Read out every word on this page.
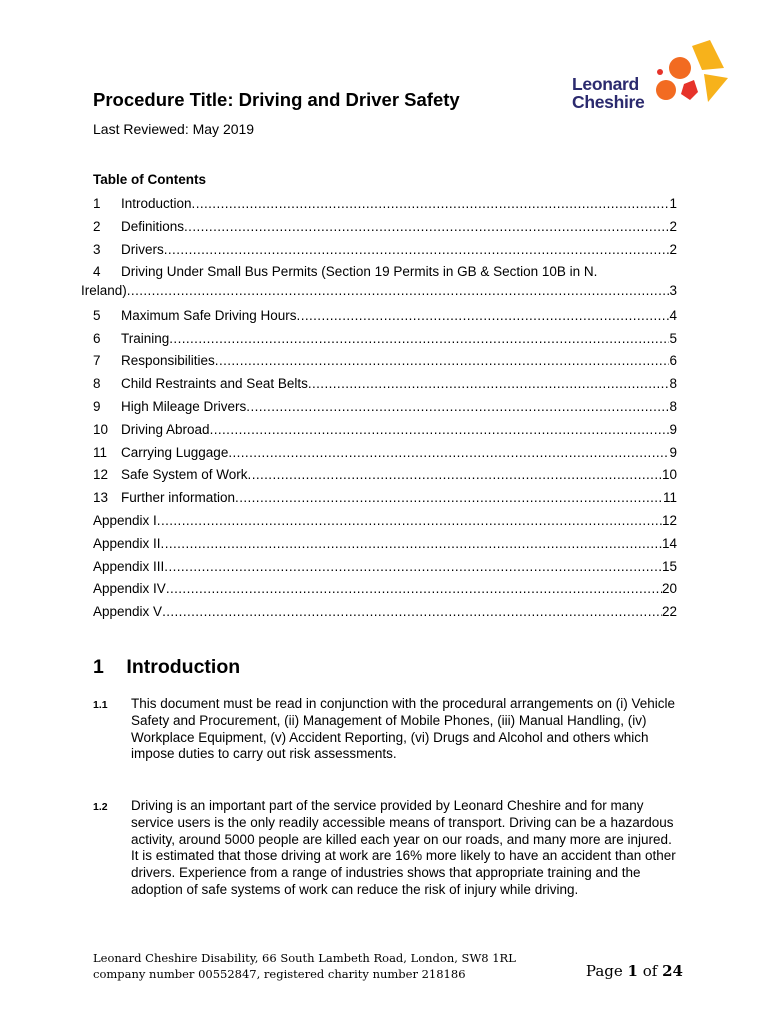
Leonard
Cheshire
Procedure Title: Driving and Driver Safety
Last Reviewed: May 2019
Table of Contents
1	Introduction .....	1
2	Definitions .....	2
3	Drivers .....	2
4	Driving Under Small Bus Permits (Section 19 Permits in GB & Section 10B in N.
Ireland) .....	3
5	Maximum Safe Driving Hours .....	4
6	Training .....	5
7	Responsibilities .....	6
8	Child Restraints and Seat Belts .....	8
9	High Mileage Drivers .....	8
10 Driving Abroad .....	9
11	Carrying Luggage .....	9
12 Safe System of Work .....	10
13 Further information .....	11
Appendix I .....	12
Appendix II .....	14
Appendix III .....	15
Appendix IV .....	20
Appendix V .....	22
1 Introduction
1.1 This document must be read in conjunction with the procedural arrangements on (i) Vehicle Safety and Procurement, (ii) Management of Mobile Phones, (iii) Manual Handling, (iv) Workplace Equipment, (v) Accident Reporting, (vi) Drugs and Alcohol and others which impose duties to carry out risk assessments.
1.2 Driving is an important part of the service provided by Leonard Cheshire and for many service users is the only readily accessible means of transport. Driving can be a hazardous activity, around 5000 people are killed each year on our roads, and many more are injured. It is estimated that those driving at work are 16% more likely to have an accident than other drivers. Experience from a range of industries shows that appropriate training and the adoption of safe systems of work can reduce the risk of injury while driving.
Leonard Cheshire Disability, 66 South Lambeth Road, London, SW8 1RL
company number 00552847, registered charity number 218186	Page 1 of 24
